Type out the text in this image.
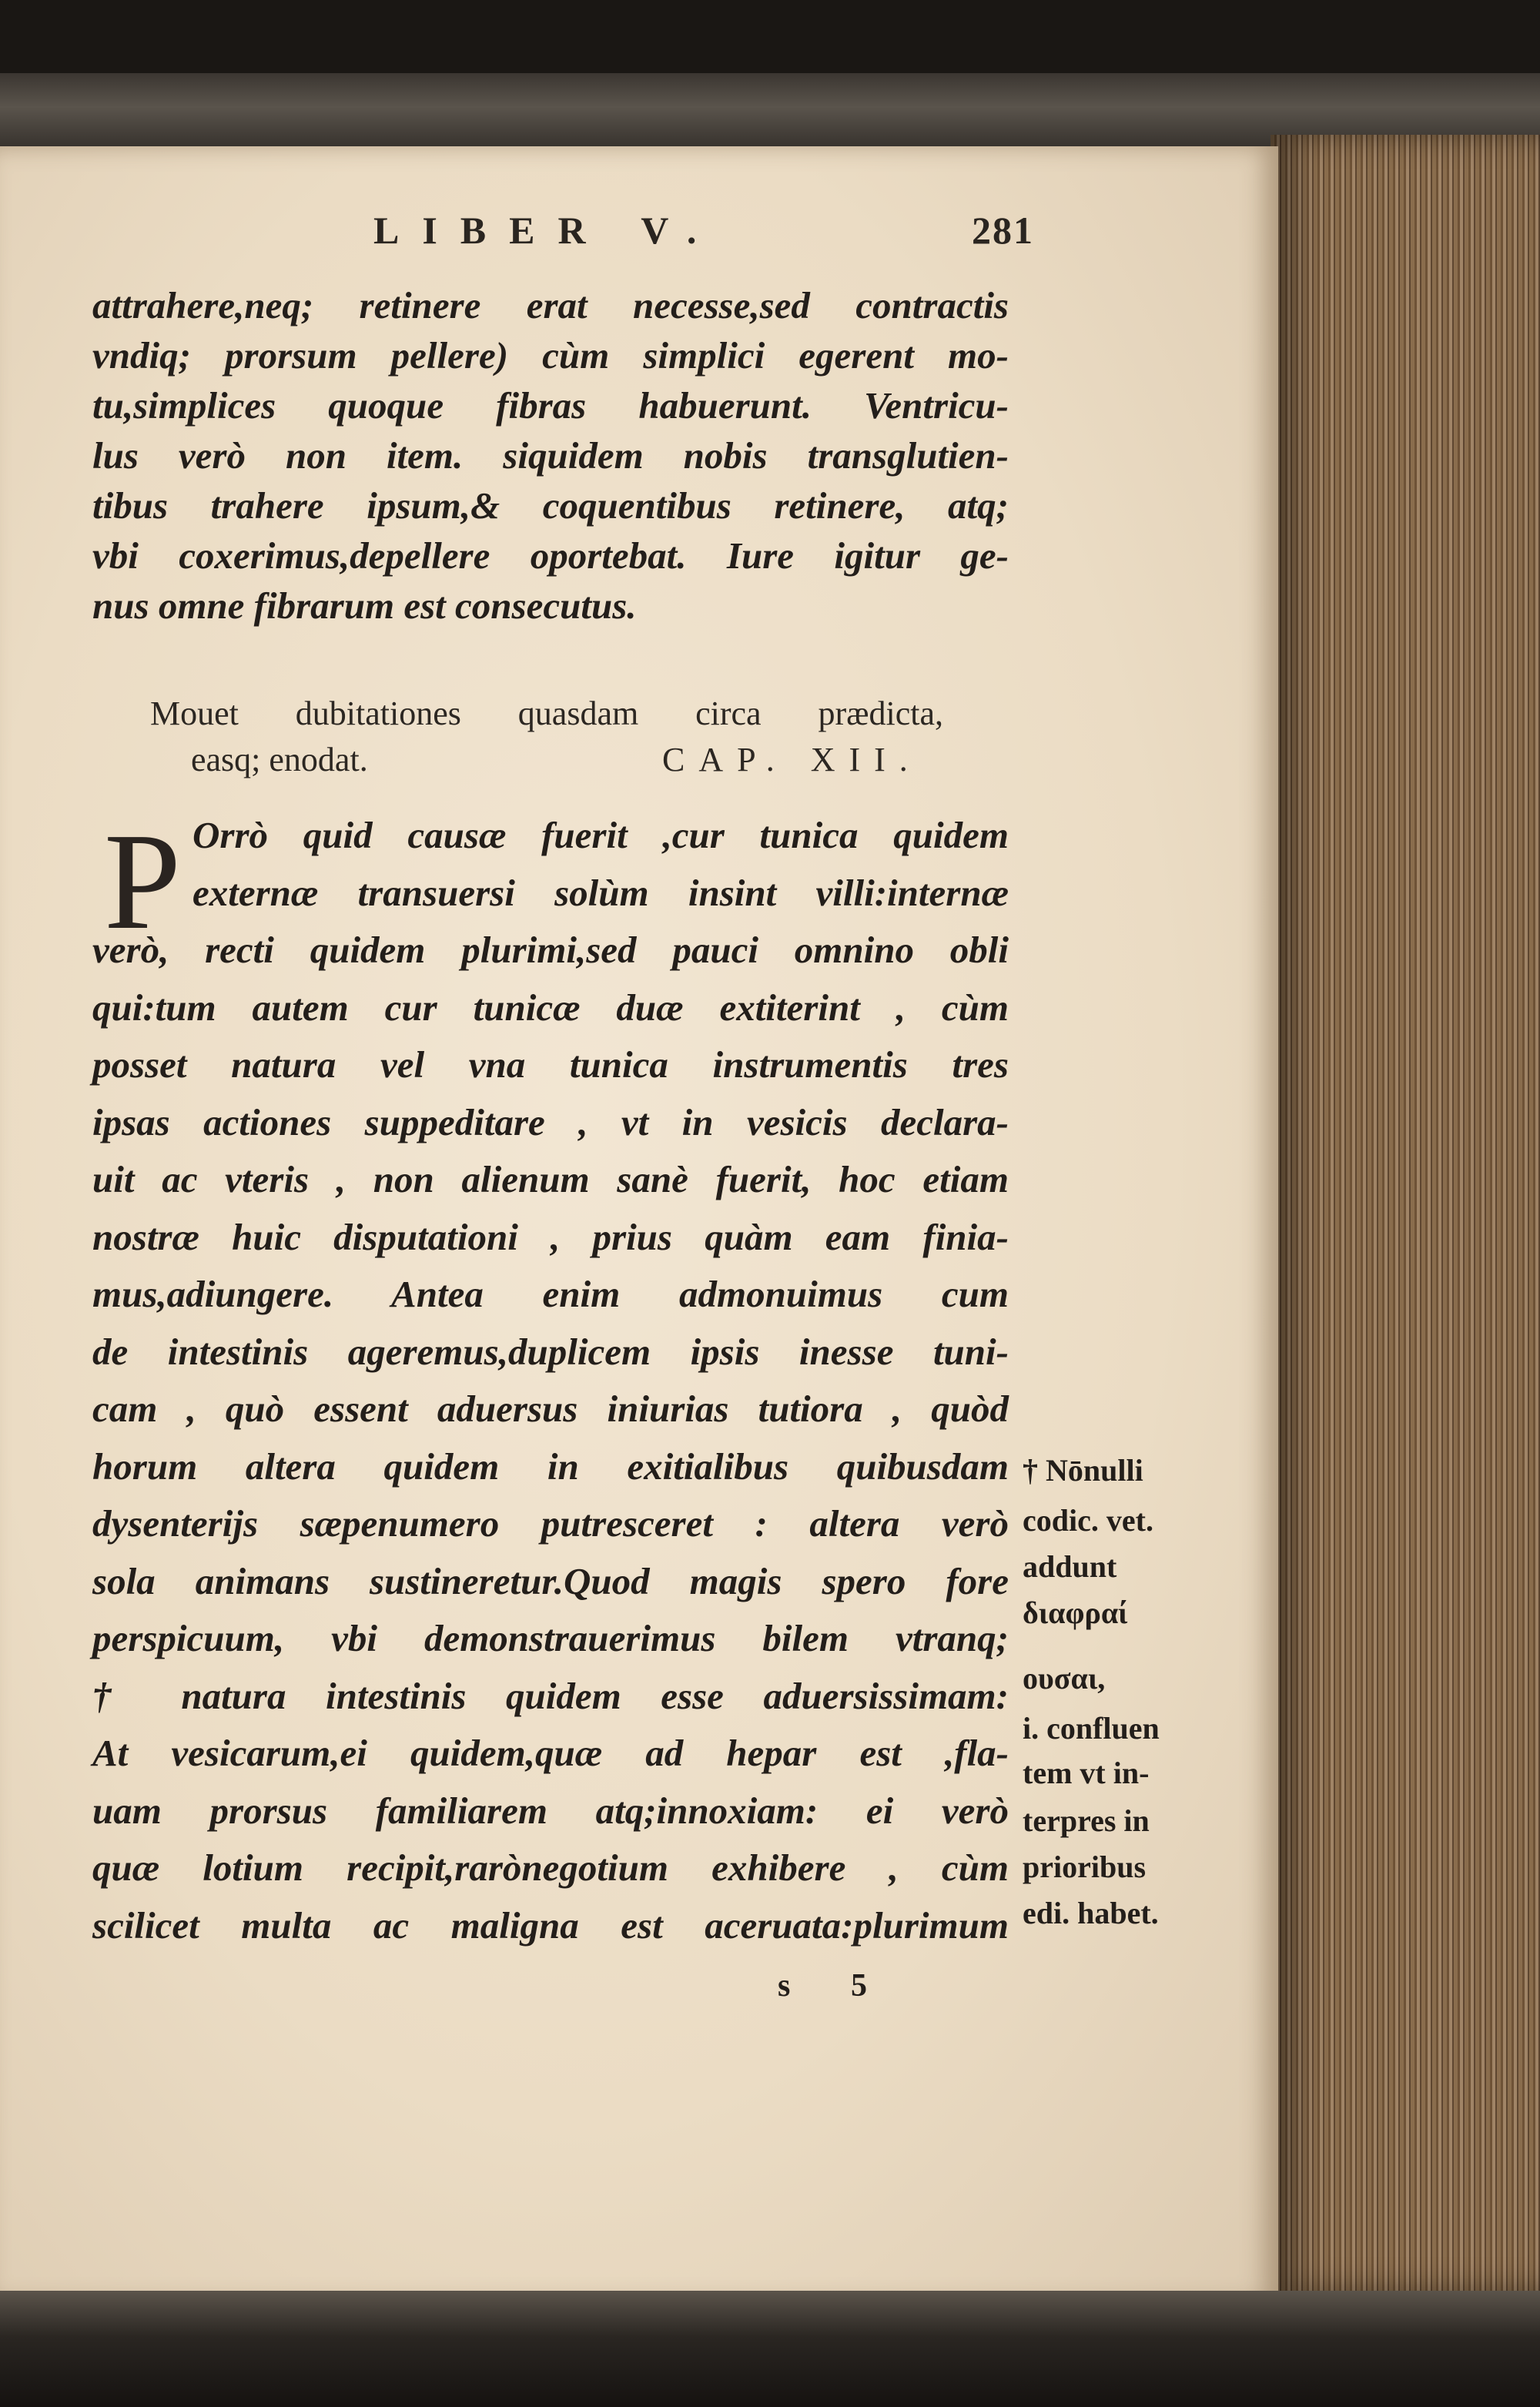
LIBER V.	281
attrahere,neq; retinere erat necesse,sed contractis
vndiq; prorsum pellere) cùm simplici egerent mo-
tu,simplices quoque fibras habuerunt. Ventricu-
lus verò non item. siquidem nobis transglutien-
tibus trahere ipsum,& coquentibus retinere, atq;
vbi coxerimus,depellere oportebat. Iure igitur ge-
nus omne fibrarum est consecutus.
Mouet dubitationes quasdam circa prædicta,
easq; enodat.	CAP. XII.
P Orrò quid causæ fuerit ,cur tunica quidem
externæ transuersi solùm insint villi:internæ
verò, recti quidem plurimi,sed pauci omnino obli
qui:tum autem cur tunicæ duæ extiterint , cùm
posset natura vel vna tunica instrumentis tres
ipsas actiones suppeditare , vt in vesicis declara-
uit ac vteris , non alienum sanè fuerit, hoc etiam
nostræ huic disputationi , prius quàm eam finia-
mus,adiungere. Antea enim admonuimus cum
de intestinis ageremus,duplicem ipsis inesse tuni-
cam , quò essent aduersus iniurias tutiora , quòd
horum altera quidem in exitialibus quibusdam
dysenterijs sæpenumero putresceret : altera verò
sola animans sustineretur.Quod magis spero fore
perspicuum, vbi demonstrauerimus bilem vtranq;
† natura intestinis quidem esse aduersissimam:
At vesicarum,ei quidem,quæ ad hepar est ,fla-
uam prorsus familiarem atq;innoxiam: ei verò
quæ lotium recipit,rarònegotium exhibere , cùm
scilicet multa ac maligna est aceruata:plurimum
† Nōnulli
codic. vet.
addunt
διαφραί
ουσαι,
i. confluen
tem vt in-
terpres in
prioribus
edi. habet.
s 5
